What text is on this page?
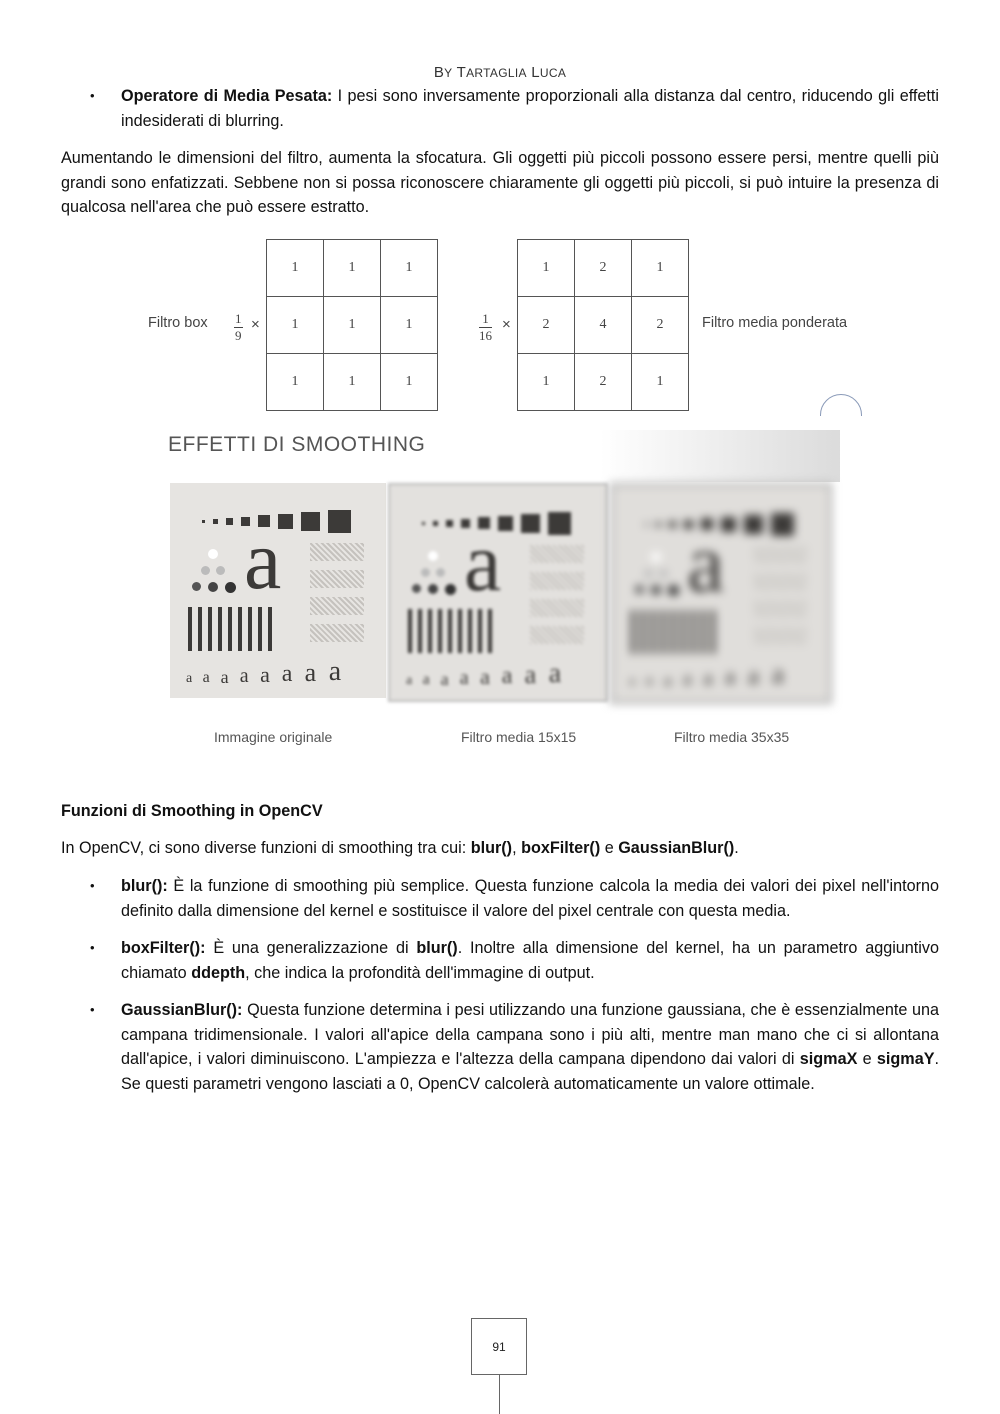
BY TARTAGLIA LUCA
• Operatore di Media Pesata: I pesi sono inversamente proporzionali alla distanza dal centro, riducendo gli effetti indesiderati di blurring.
Aumentando le dimensioni del filtro, aumenta la sfocatura. Gli oggetti più piccoli possono essere persi, mentre quelli più grandi sono enfatizzati. Sebbene non si possa riconoscere chiaramente gli oggetti più piccoli, si può intuire la presenza di qualcosa nell'area che può essere estratto.
Filtro box $\frac{1}{9}$ ×
1	1	1
1	1	1
1	1	1
$\frac{1}{16}$ ×
1	2	1
2	4	2
1	2	1
Filtro media ponderata
EFFETTI DI SMOOTHING
a
a a a a a a a a
a
a a a a a a a a
a
a a a a a a a a
Immagine originale	Filtro media 15x15	Filtro media 35x35
Funzioni di Smoothing in OpenCV
In OpenCV, ci sono diverse funzioni di smoothing tra cui: blur(), boxFilter() e GaussianBlur().
• blur(): È la funzione di smoothing più semplice. Questa funzione calcola la media dei valori dei pixel nell'intorno definito dalla dimensione del kernel e sostituisce il valore del pixel centrale con questa media.
• boxFilter(): È una generalizzazione di blur(). Inoltre alla dimensione del kernel, ha un parametro aggiuntivo chiamato ddepth, che indica la profondità dell'immagine di output.
• GaussianBlur(): Questa funzione determina i pesi utilizzando una funzione gaussiana, che è essenzialmente una campana tridimensionale. I valori all'apice della campana sono i più alti, mentre man mano che ci si allontana dall'apice, i valori diminuiscono. L'ampiezza e l'altezza della campana dipendono dai valori di sigmaX e sigmaY. Se questi parametri vengono lasciati a 0, OpenCV calcolerà automaticamente un valore ottimale.
91
